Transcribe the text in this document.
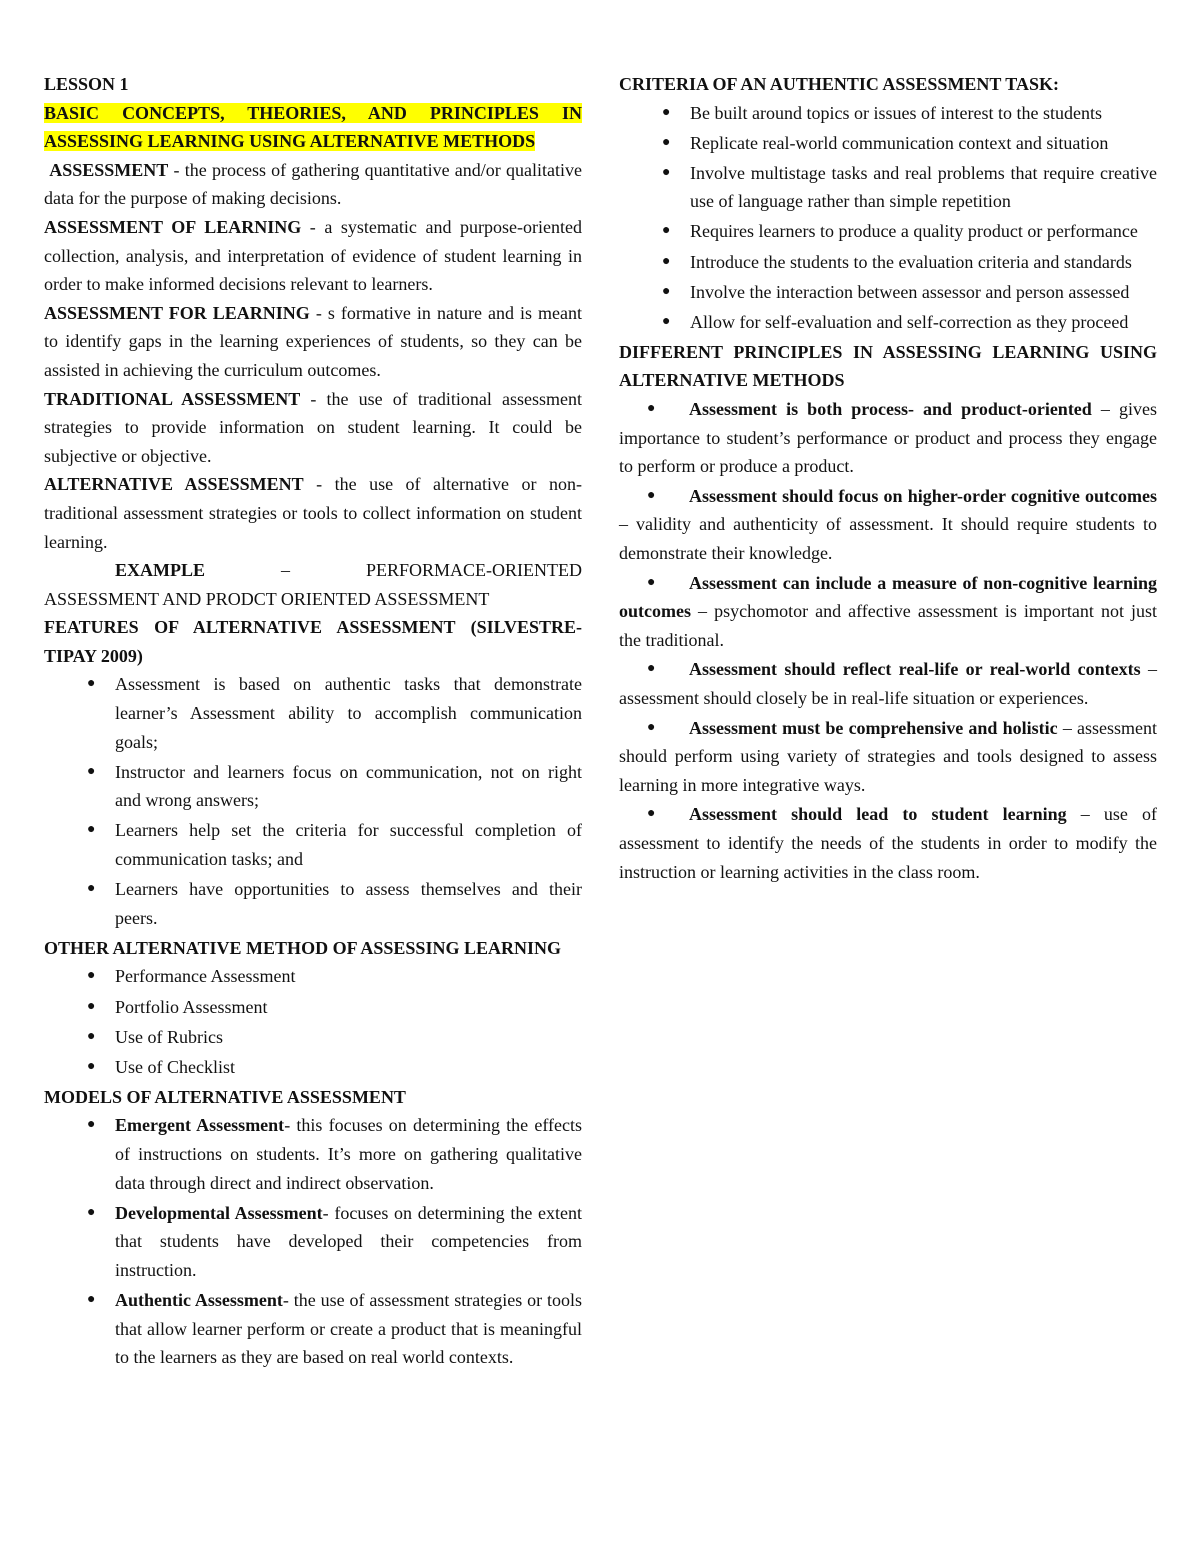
LESSON 1

BASIC CONCEPTS, THEORIES, AND PRINCIPLES IN ASSESSING LEARNING USING ALTERNATIVE METHODS

ASSESSMENT - the process of gathering quantitative and/or qualitative data for the purpose of making decisions.

ASSESSMENT OF LEARNING - a systematic and purpose-oriented collection, analysis, and interpretation of evidence of student learning in order to make informed decisions relevant to learners.

ASSESSMENT FOR LEARNING - s formative in nature and is meant to identify gaps in the learning experiences of students, so they can be assisted in achieving the curriculum outcomes.

TRADITIONAL ASSESSMENT - the use of traditional assessment strategies to provide information on student learning. It could be subjective or objective.

ALTERNATIVE ASSESSMENT - the use of alternative or non-traditional assessment strategies or tools to collect information on student learning.

EXAMPLE	–	PERFORMACE-ORIENTED

ASSESSMENT AND PRODCT ORIENTED ASSESSMENT

FEATURES OF ALTERNATIVE ASSESSMENT (SILVESTRE-TIPAY 2009)

● Assessment is based on authentic tasks that demonstrate learner’s Assessment ability to accomplish communication goals;
● Instructor and learners focus on communication, not on right and wrong answers;
● Learners help set the criteria for successful completion of communication tasks; and
● Learners have opportunities to assess themselves and their peers.

OTHER ALTERNATIVE METHOD OF ASSESSING LEARNING

● Performance Assessment
● Portfolio Assessment
● Use of Rubrics
● Use of Checklist

MODELS OF ALTERNATIVE ASSESSMENT

● Emergent Assessment- this focuses on determining the effects of instructions on students. It’s more on gathering qualitative data through direct and indirect observation.
● Developmental Assessment- focuses on determining the extent that students have developed their competencies from instruction.
● Authentic Assessment- the use of assessment strategies or tools that allow learner perform or create a product that is meaningful to the learners as they are based on real world contexts.

CRITERIA OF AN AUTHENTIC ASSESSMENT TASK:

● Be built around topics or issues of interest to the students
● Replicate real-world communication context and situation
● Involve multistage tasks and real problems that require creative use of language rather than simple repetition
● Requires learners to produce a quality product or performance
● Introduce the students to the evaluation criteria and standards
● Involve the interaction between assessor and person assessed
● Allow for self-evaluation and self-correction as they proceed

DIFFERENT PRINCIPLES IN ASSESSING LEARNING USING ALTERNATIVE METHODS

● Assessment is both process- and product-oriented – gives importance to student’s performance or product and process they engage to perform or produce a product.
● Assessment should focus on higher-order cognitive outcomes – validity and authenticity of assessment. It should require students to demonstrate their knowledge.
● Assessment can include a measure of non-cognitive learning outcomes – psychomotor and affective assessment is important not just the traditional.
● Assessment should reflect real-life or real-world contexts – assessment should closely be in real-life situation or experiences.
● Assessment must be comprehensive and holistic – assessment should perform using variety of strategies and tools designed to assess learning in more integrative ways.
● Assessment should lead to student learning – use of assessment to identify the needs of the students in order to modify the instruction or learning activities in the class room.
